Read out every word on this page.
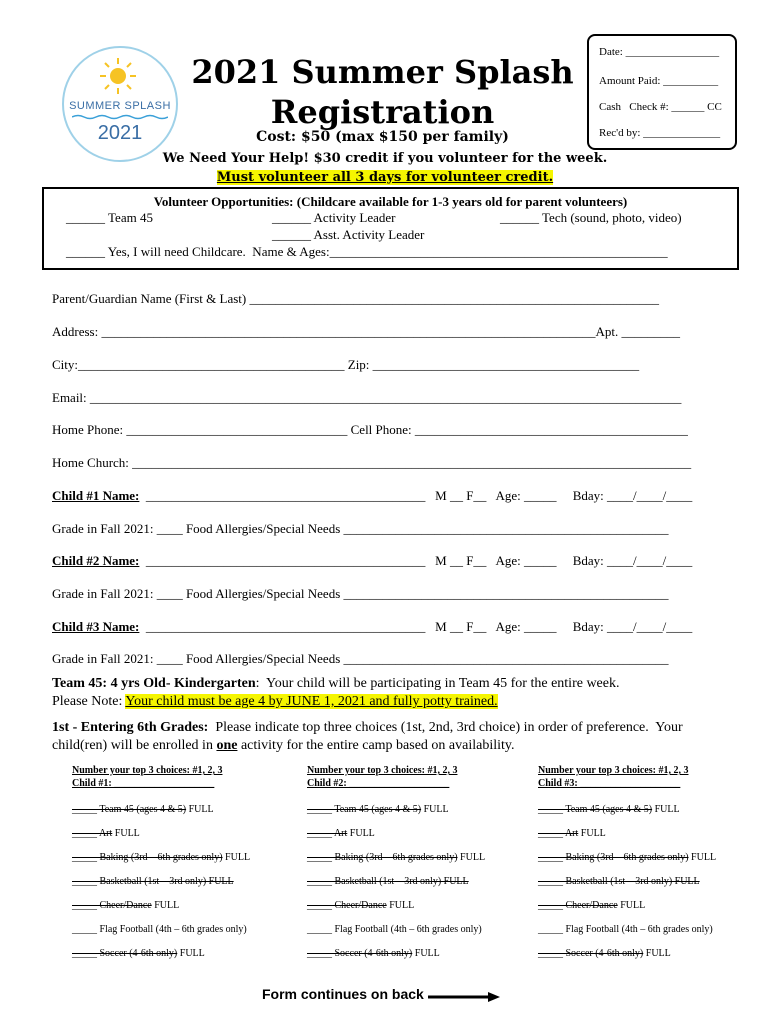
SUMMER SPLASH
2021
2021 Summer Splash
Registration
Cost: $50 (max $150 per family)
Date: _________________
Amount Paid: __________
Cash   Check #: ______ CC
Rec'd by: ______________
We Need Your Help! $30 credit if you volunteer for the week.
Must volunteer all 3 days for volunteer credit.
Volunteer Opportunities: (Childcare available for 1-3 years old for parent volunteers)
______ Team 45	______ Activity Leader	______ Tech (sound, photo, video)
______ Asst. Activity Leader
______ Yes, I will need Childcare.  Name & Ages:____________________________________________________
Parent/Guardian Name (First & Last) _______________________________________________________________
Address: ____________________________________________________________________________Apt. _________
City:_________________________________________ Zip: _________________________________________
Email: ___________________________________________________________________________________________
Home Phone: __________________________________ Cell Phone: __________________________________________
Home Church: ______________________________________________________________________________________
Child #1 Name:  ___________________________________________   M __ F__   Age: _____     Bday: ____/____/____
Grade in Fall 2021: ____ Food Allergies/Special Needs __________________________________________________
Child #2 Name:  ___________________________________________   M __ F__   Age: _____     Bday: ____/____/____
Grade in Fall 2021: ____ Food Allergies/Special Needs __________________________________________________
Child #3 Name:  ___________________________________________   M __ F__   Age: _____     Bday: ____/____/____
Grade in Fall 2021: ____ Food Allergies/Special Needs __________________________________________________
Team 45: 4 yrs Old- Kindergarten:  Your child will be participating in Team 45 for the entire week.
Please Note: Your child must be age 4 by JUNE 1, 2021 and fully potty trained.
1st - Entering 6th Grades:  Please indicate top three choices (1st, 2nd, 3rd choice) in order of preference.  Your
child(ren) will be enrolled in one activity for the entire camp based on availability.
Number your top 3 choices: #1, 2, 3
Child #1: ____________________
_____ Team 45 (ages 4 & 5) FULL
_____ Art FULL
_____ Baking (3rd – 6th grades only) FULL
_____ Basketball (1st – 3rd only) FULL
_____ Cheer/Dance FULL
_____ Flag Football (4th – 6th grades only)
_____ Soccer (4-6th only) FULL
Number your top 3 choices: #1, 2, 3
Child #2: ____________________
_____ Team 45 (ages 4 & 5) FULL
_____ Art FULL
_____ Baking (3rd – 6th grades only) FULL
_____ Basketball (1st – 3rd only) FULL
_____ Cheer/Dance FULL
_____ Flag Football (4th – 6th grades only)
_____ Soccer (4-6th only) FULL
Number your top 3 choices: #1, 2, 3
Child #3: ____________________
_____ Team 45 (ages 4 & 5) FULL
_____ Art FULL
_____ Baking (3rd – 6th grades only) FULL
_____ Basketball (1st – 3rd only) FULL
_____ Cheer/Dance FULL
_____ Flag Football (4th – 6th grades only)
_____ Soccer (4-6th only) FULL
Form continues on back
